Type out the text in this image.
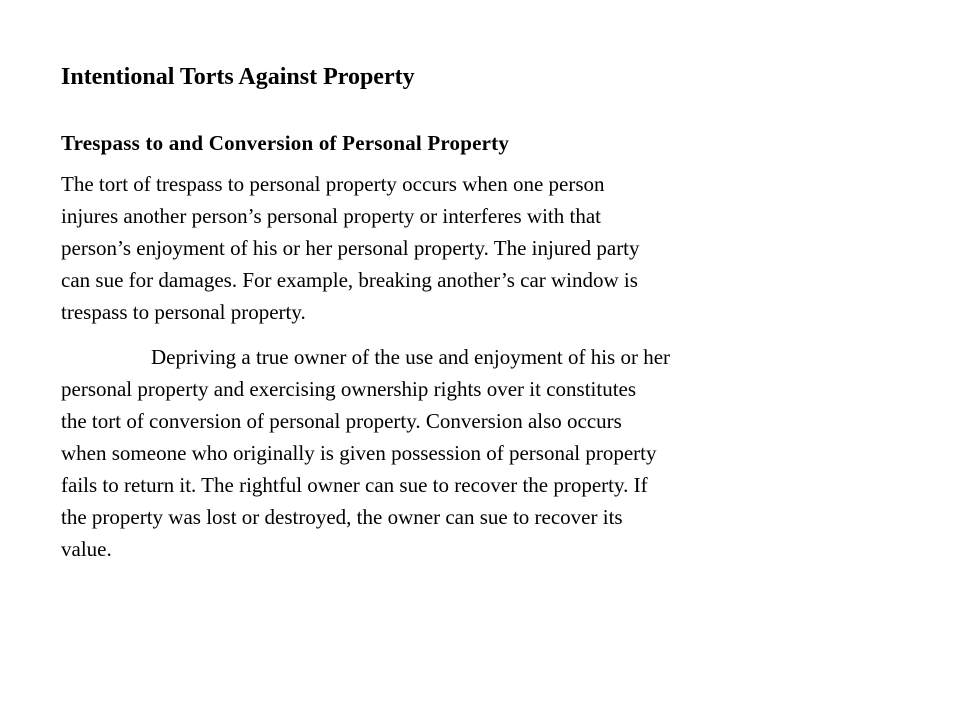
Intentional Torts Against Property
Trespass to and Conversion of Personal Property

The tort of trespass to personal property occurs when one person
injures another person’s personal property or interferes with that
person’s enjoyment of his or her personal property. The injured party
can sue for damages. For example, breaking another’s car window is
trespass to personal property.

		Depriving a true owner of the use and enjoyment of his or her
personal property and exercising ownership rights over it constitutes
the tort of conversion of personal property. Conversion also occurs
when someone who originally is given possession of personal property
fails to return it. The rightful owner can sue to recover the property. If
the property was lost or destroyed, the owner can sue to recover its
value.
